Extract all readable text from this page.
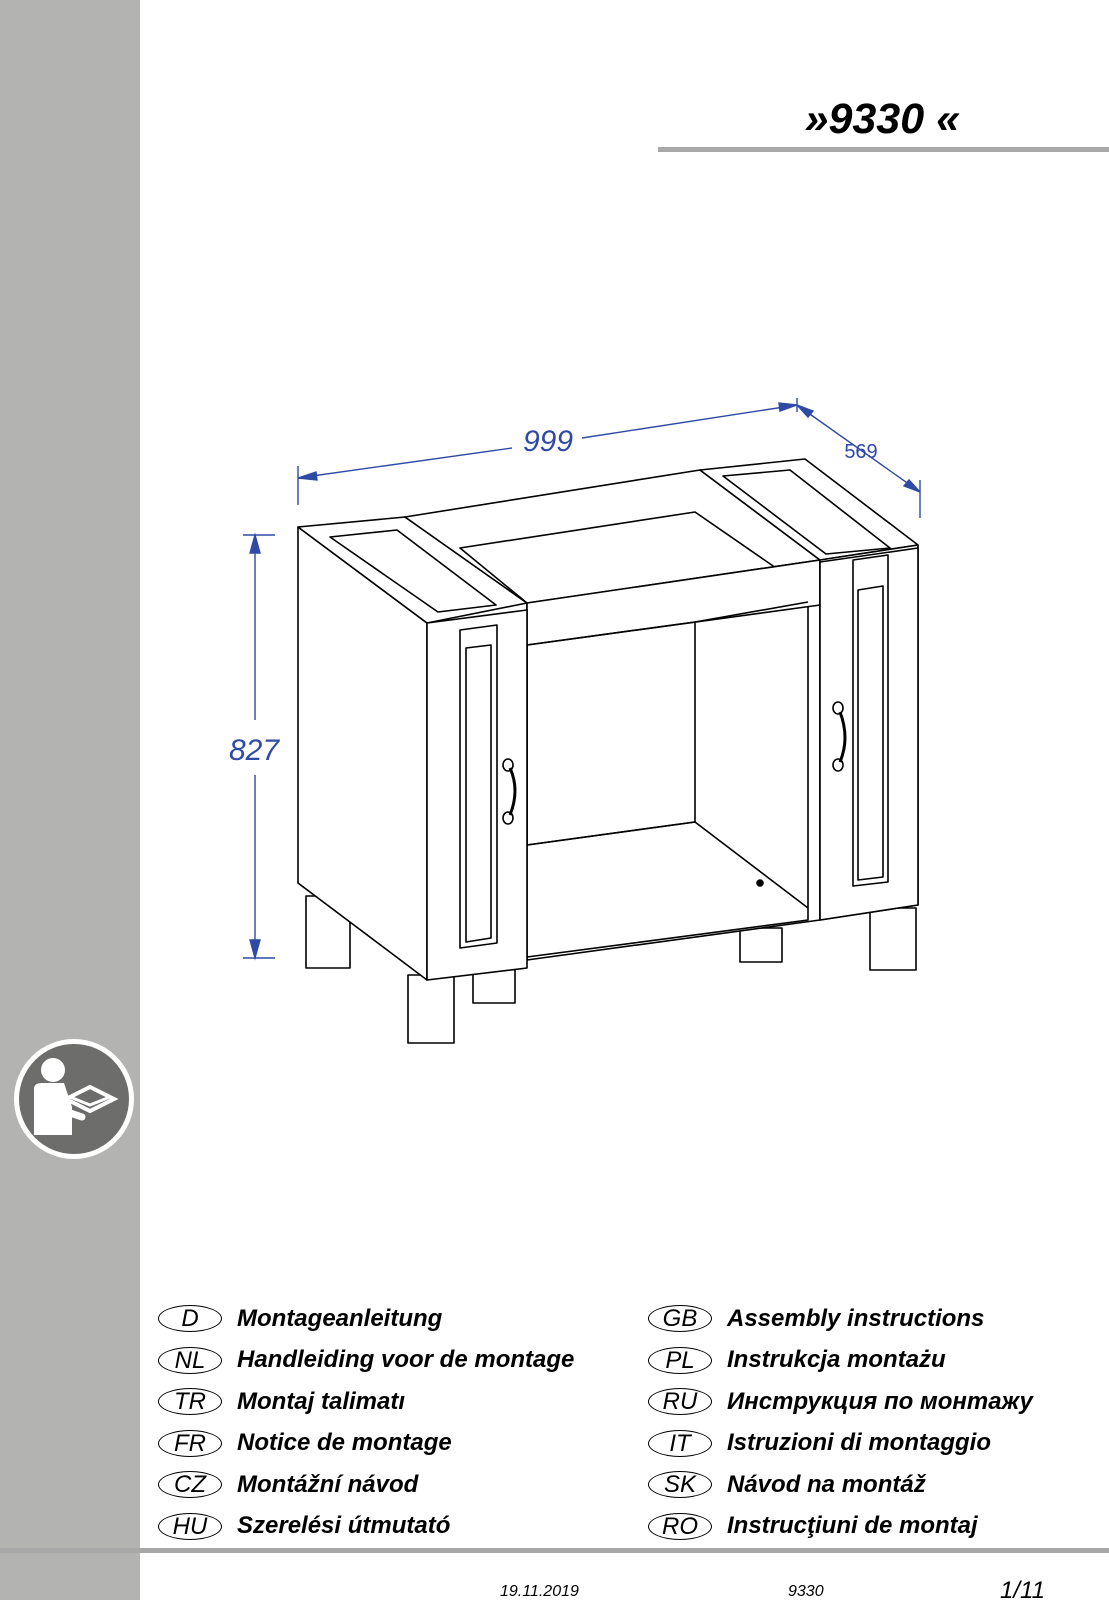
»9330 «
999	569
827
D	Montageanleitung
NL	Handleiding voor de montage
TR	Montaj talimatı
FR	Notice de montage
CZ	Montážní návod
HU	Szerelési útmutató
GB	Assembly instructions
PL	Instrukcja montażu
RU	Инструкция по монтажу
IT	Istruzioni di montaggio
SK	Návod na montáž
RO	Instrucţiuni de montaj
19.11.2019	9330	1/11
